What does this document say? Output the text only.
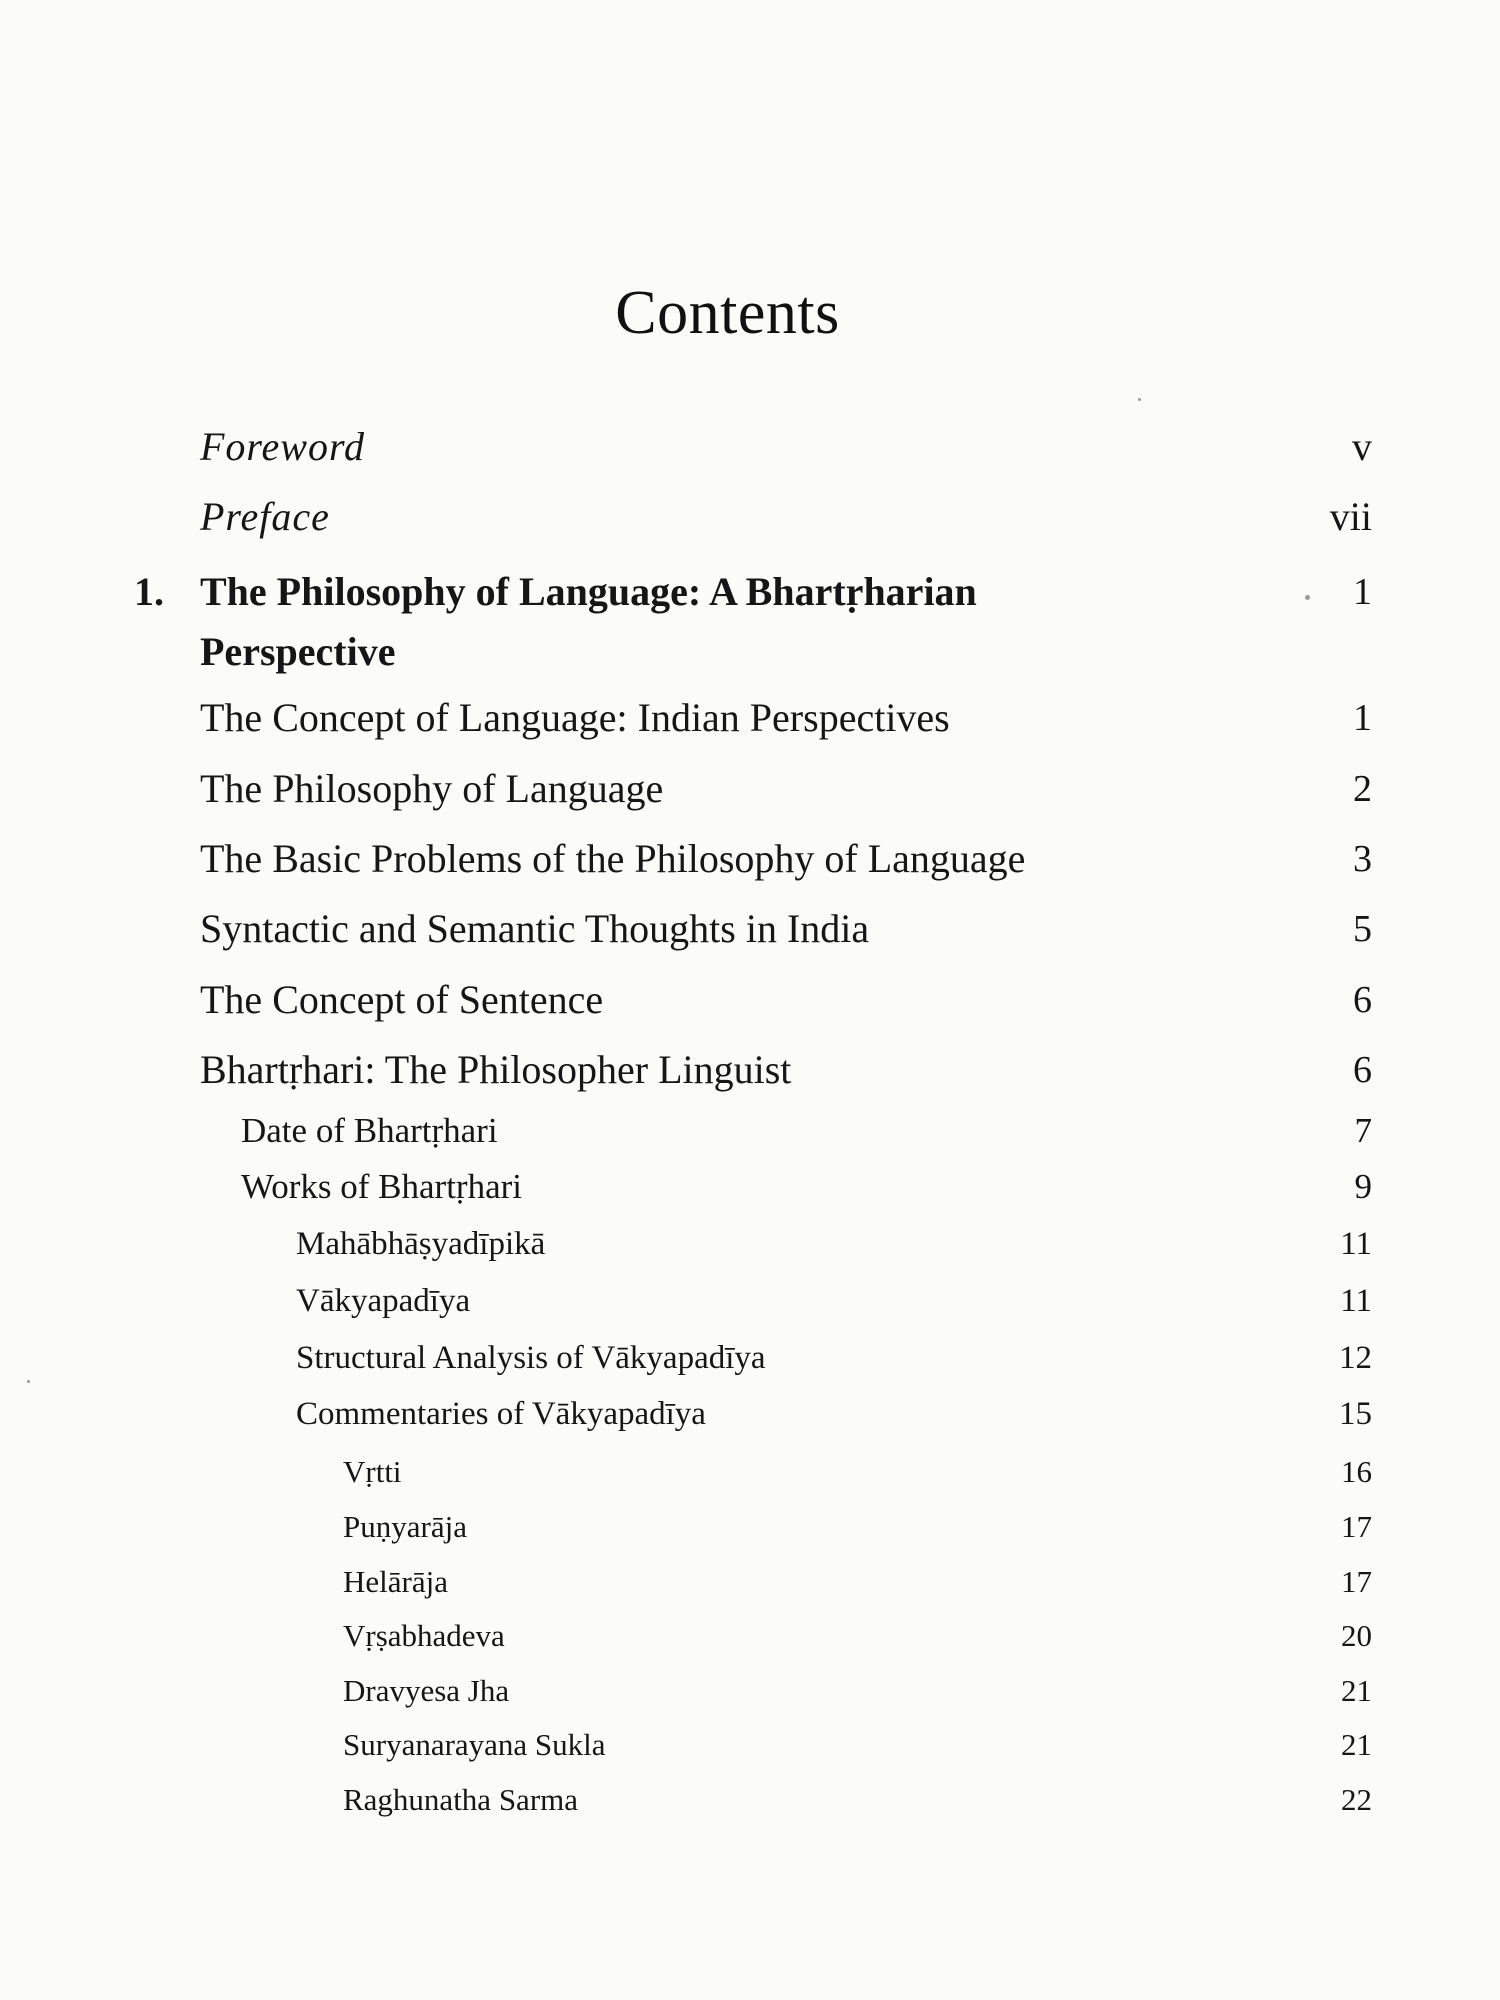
Contents
Foreword	v
Preface	vii
1. The Philosophy of Language: A Bhartṛharian	1
Perspective
The Concept of Language: Indian Perspectives	1
The Philosophy of Language	2
The Basic Problems of the Philosophy of Language	3
Syntactic and Semantic Thoughts in India	5
The Concept of Sentence	6
Bhartṛhari: The Philosopher Linguist	6
Date of Bhartṛhari	7
Works of Bhartṛhari	9
Mahābhāṣyadīpikā	11
Vākyapadīya	11
Structural Analysis of Vākyapadīya	12
Commentaries of Vākyapadīya	15
Vṛtti	16
Puṇyarāja	17
Helārāja	17
Vṛṣabhadeva	20
Dravyesa Jha	21
Suryanarayana Sukla	21
Raghunatha Sarma	22
